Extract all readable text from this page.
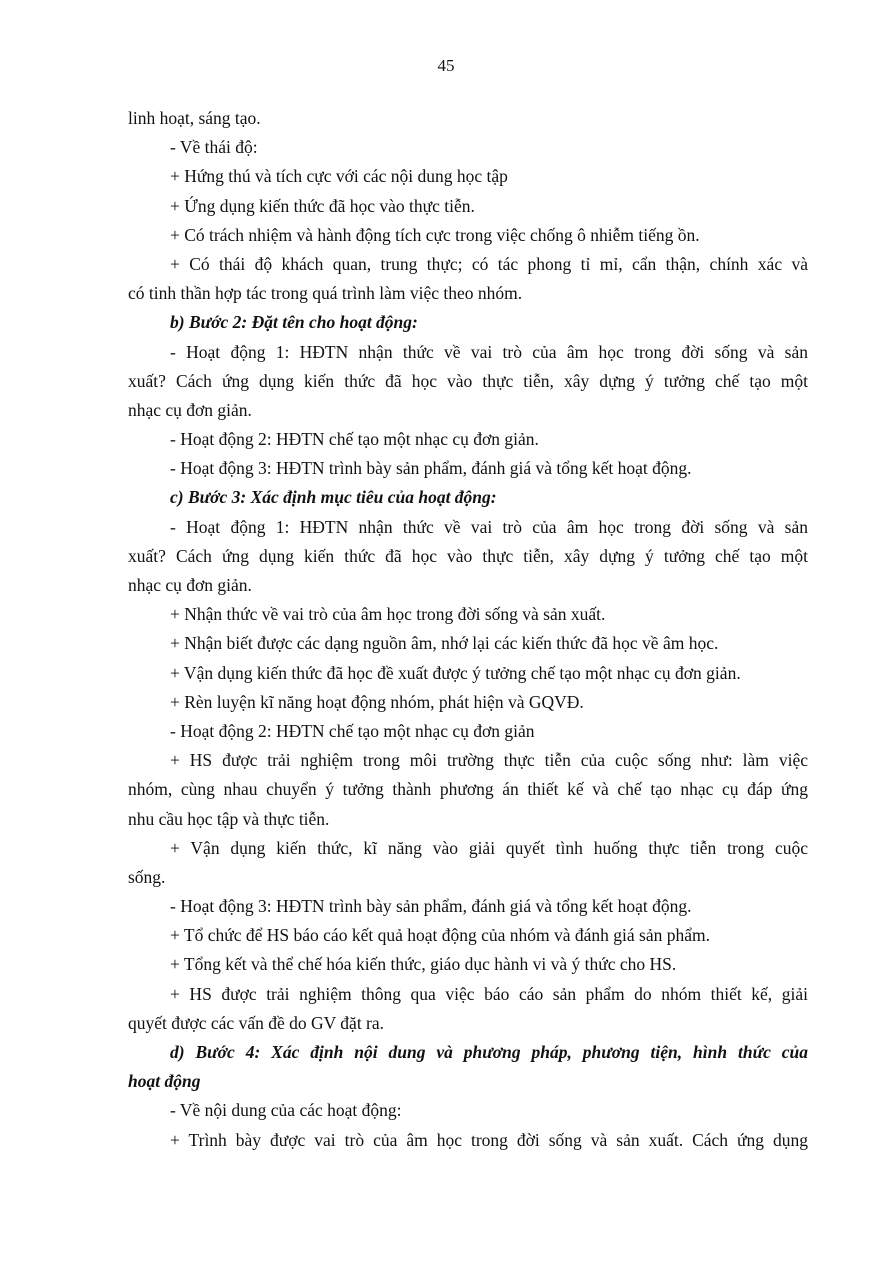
45
linh hoạt, sáng tạo.
- Về thái độ:
+ Hứng thú và tích cực với các nội dung học tập
+ Ứng dụng kiến thức đã học vào thực tiễn.
+ Có trách nhiệm và hành động tích cực trong việc chống ô nhiễm tiếng ồn.
+ Có thái độ khách quan, trung thực; có tác phong tỉ mỉ, cẩn thận, chính xác và
có tinh thần hợp tác trong quá trình làm việc theo nhóm.
b) Bước 2: Đặt tên cho hoạt động:
- Hoạt động 1: HĐTN nhận thức về vai trò của âm học trong đời sống và sản
xuất? Cách ứng dụng kiến thức đã học vào thực tiễn, xây dựng ý tưởng chế tạo một
nhạc cụ đơn giản.
- Hoạt động 2: HĐTN chế tạo một nhạc cụ đơn giản.
- Hoạt động 3: HĐTN trình bày sản phẩm, đánh giá và tổng kết hoạt động.
c) Bước 3: Xác định mục tiêu của hoạt động:
- Hoạt động 1: HĐTN nhận thức về vai trò của âm học trong đời sống và sản
xuất? Cách ứng dụng kiến thức đã học vào thực tiễn, xây dựng ý tưởng chế tạo một
nhạc cụ đơn giản.
+ Nhận thức về vai trò của âm học trong đời sống và sản xuất.
+ Nhận biết được các dạng nguồn âm, nhớ lại các kiến thức đã học về âm học.
+ Vận dụng kiến thức đã học đề xuất được ý tưởng chế tạo một nhạc cụ đơn giản.
+ Rèn luyện kĩ năng hoạt động nhóm, phát hiện và GQVĐ.
- Hoạt động 2: HĐTN chế tạo một nhạc cụ đơn giản
+ HS được trải nghiệm trong môi trường thực tiễn của cuộc sống như: làm việc
nhóm, cùng nhau chuyển ý tưởng thành phương án thiết kế và chế tạo nhạc cụ đáp ứng
nhu cầu học tập và thực tiễn.
+ Vận dụng kiến thức, kĩ năng vào giải quyết tình huống thực tiễn trong cuộc
sống.
- Hoạt động 3: HĐTN trình bày sản phẩm, đánh giá và tổng kết hoạt động.
+ Tổ chức để HS báo cáo kết quả hoạt động của nhóm và đánh giá sản phẩm.
+ Tổng kết và thể chế hóa kiến thức, giáo dục hành vi và ý thức cho HS.
+ HS được trải nghiệm thông qua việc báo cáo sản phẩm do nhóm thiết kế, giải
quyết được các vấn đề do GV đặt ra.
d) Bước 4: Xác định nội dung và phương pháp, phương tiện, hình thức của
hoạt động
- Về nội dung của các hoạt động:
+ Trình bày được vai trò của âm học trong đời sống và sản xuất. Cách ứng dụng
